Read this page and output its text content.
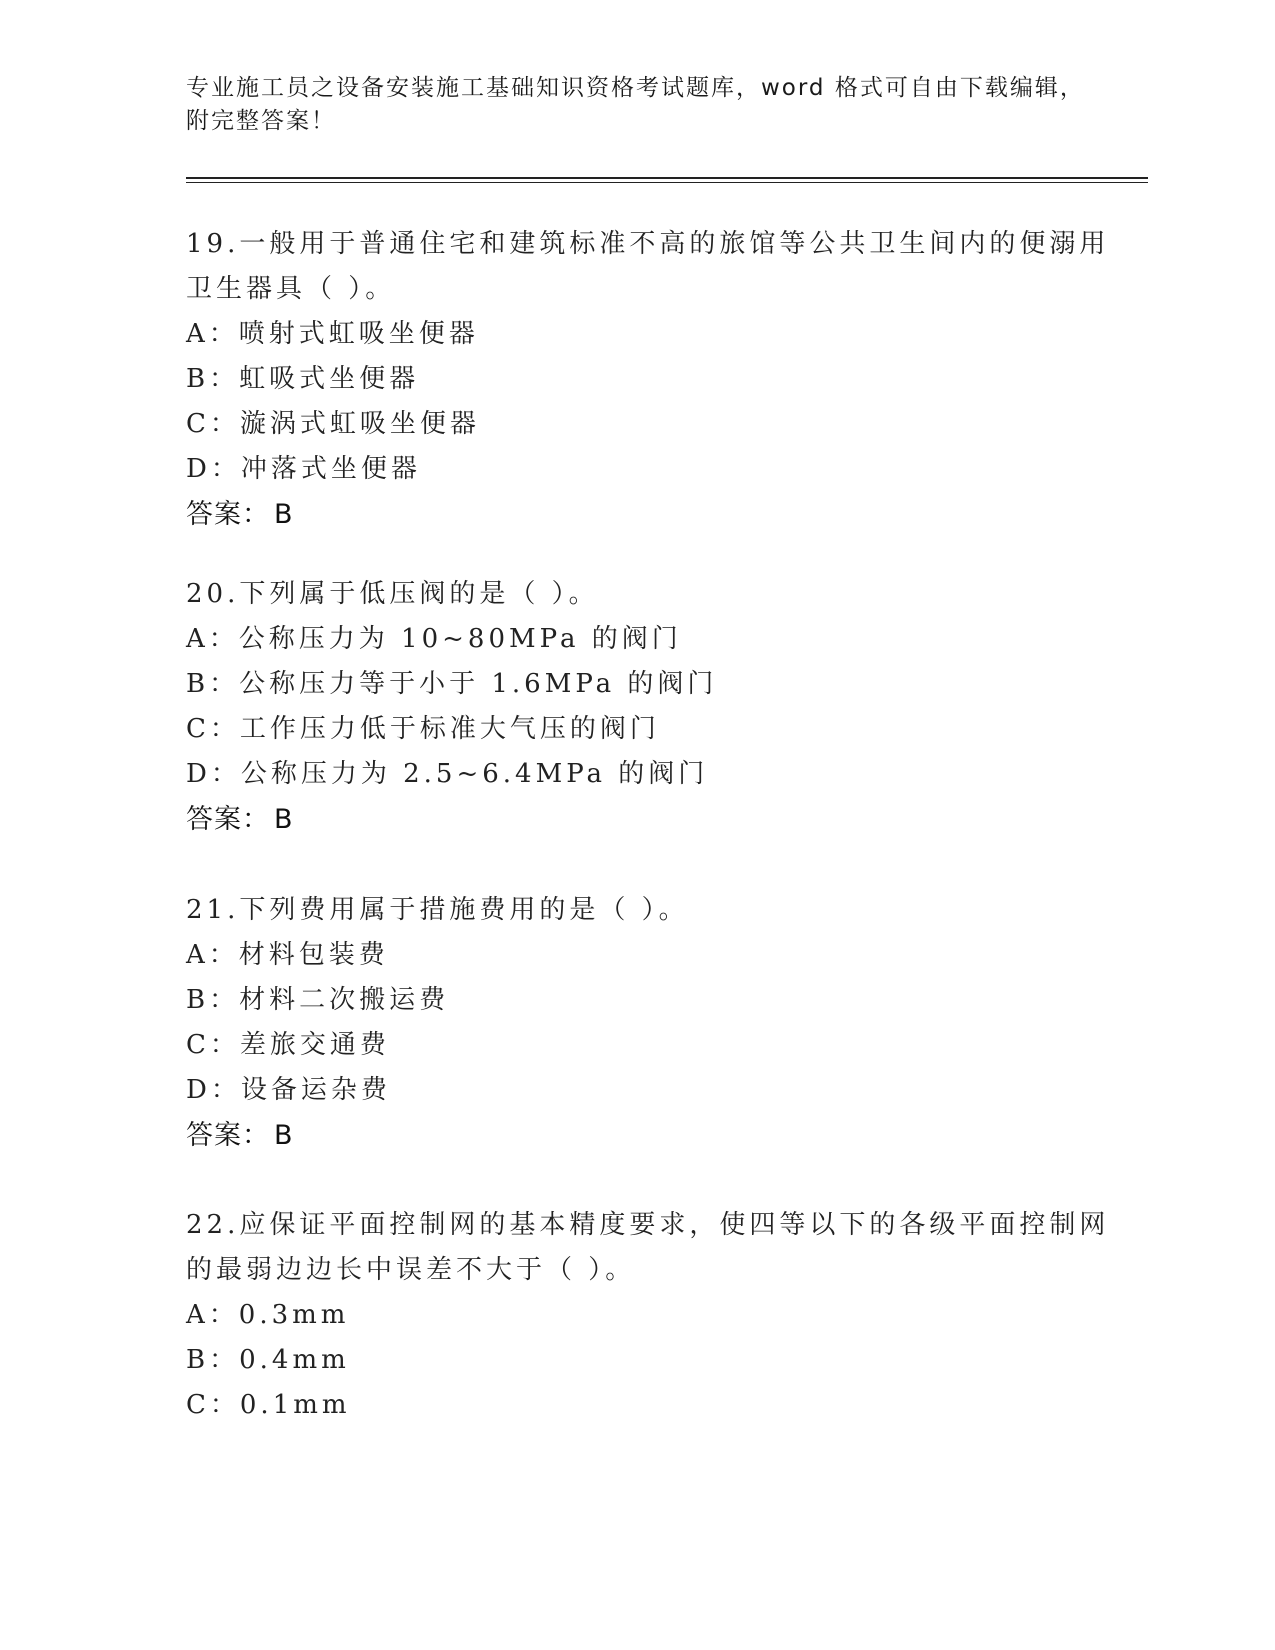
专业施工员之设备安装施工基础知识资格考试题库，word 格式可自由下载编辑，
附完整答案！
19.一般用于普通住宅和建筑标准不高的旅馆等公共卫生间内的便溺用
卫生器具（ ）。
A：喷射式虹吸坐便器
B：虹吸式坐便器
C：漩涡式虹吸坐便器
D：冲落式坐便器
答案： B
20.下列属于低压阀的是（ ）。
A：公称压力为 10~80MPa 的阀门
B：公称压力等于小于 1.6MPa 的阀门
C：工作压力低于标准大气压的阀门
D：公称压力为 2.5~6.4MPa 的阀门
答案： B
21.下列费用属于措施费用的是（ ）。
A：材料包装费
B：材料二次搬运费
C：差旅交通费
D：设备运杂费
答案： B
22.应保证平面控制网的基本精度要求，使四等以下的各级平面控制网
的最弱边边长中误差不大于（ ）。
A：0.3mm
B：0.4mm
C：0.1mm
